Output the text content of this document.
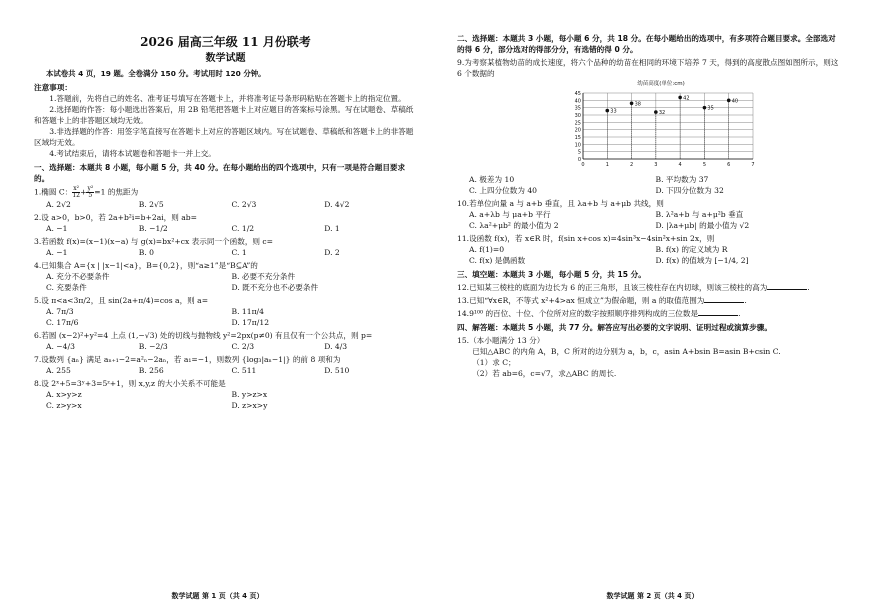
2026 届高三年级 11 月份联考
数学试题
本试卷共 4 页，19 题。全卷满分 150 分。考试用时 120 分钟。
注意事项：
1.答题前，先将自己的姓名、准考证号填写在答题卡上，并将准考证号条形码粘贴在答题卡上的指定位置。
2.选择题的作答：每小题选出答案后，用 2B 铅笔把答题卡上对应题目的答案标号涂黑。写在试题卷、草稿纸和答题卡上的非答题区域均无效。
3.非选择题的作答：用签字笔直接写在答题卡上对应的答题区域内。写在试题卷、草稿纸和答题卡上的非答题区域均无效。
4.考试结束后，请将本试题卷和答题卡一并上交。
一、选择题：本题共 8 小题，每小题 5 分，共 40 分。在每小题给出的四个选项中，只有一项是符合题目要求的。
1.椭圆 C： $\frac{\text{x²}}{12} + \frac{\text{y²}}{5} =1$ 的焦距为
A. 2√2	B. 2√5	C. 2√3	D. 4√2
2.设 a>0，b>0，若 2a+b²i=b+2ai，则 ab=
A. −1	B. −1/2	C. 1/2	D. 1
3.若函数 f(x)=(x−1)(x−a) 与 g(x)=bx²+cx 表示同一个函数，则 c=
A. −1	B. 0	C. 1	D. 2
4.已知集合 A={x | |x−1|<a}，B={0,2}，则“a≥1”是“B⊆A”的
A. 充分不必要条件	B. 必要不充分条件
C. 充要条件	D. 既不充分也不必要条件
5.设 π<a<3π/2，且 sin(2a+π/4)=cos a，则 a=
A. 7π/3	B. 11π/4
C. 17π/6	D. 17π/12
6.若圆 (x−2)²+y²=4 上点 (1,−√3) 处的切线与抛物线 y²=2px(p≠0) 有且仅有一个公共点，则 p=
A. −4/3	B. −2/3	C. 2/3	D. 4/3
7.设数列 {aₙ} 满足 aₙ₊₁−2=a²ₙ−2aₙ，若 a₁=−1，则数列 {log₃|aₙ−1|} 的前 8 项和为
A. 255	B. 256	C. 511	D. 510
8.设 2ˣ+5=3ʸ+3=5ᶻ+1，则 x,y,z 的大小关系不可能是
A. x>y>z	B. y>z>x
C. z>y>x	D. z>x>y
数学试题 第 1 页（共 4 页）
二、选择题：本题共 3 小题，每小题 6 分，共 18 分。在每小题给出的选项中，有多项符合题目要求。全部选对的得 6 分，部分选对的得部分分，有选错的得 0 分。
9.为考察某植物幼苗的成长速度，将六个品种的幼苗在相同的环境下培养 7 天，得到的高度散点图如图所示，则这 6 个数据的
幼苗高度(单位:cm)
0
5
10
15
20
25
30
35
40
45
0	1	2	3	4	5	6	7
33
38
32
42
35
40
A. 极差为 10	B. 平均数为 37
C. 上四分位数为 40	D. 下四分位数为 32
10.若单位向量 a 与 a+b 垂直，且 λa+b 与 a+μb 共线，则
A. a+λb 与 μa+b 平行	B. λ²a+b 与 a+μ²b 垂直
C. λa²+μb² 的最小值为 2	D. |λa+μb| 的最小值为 √2
11.设函数 f(x)，若 x∈R 时，f(sin x+cos x)=4sin³x−4sin²x+sin 2x，则
A. f(1)=0	B. f(x) 的定义域为 R
C. f(x) 是偶函数	D. f(x) 的值域为 [−1/4, 2]
三、填空题：本题共 3 小题，每小题 5 分，共 15 分。
12.已知某三棱柱的底面为边长为 6 的正三角形，且该三棱柱存在内切球，则该三棱柱的高为	.
13.已知“∀x∈R，不等式 x²+4>ax 恒成立”为假命题，则 a 的取值范围为	.
14.9¹⁰⁰ 的百位、十位、个位所对应的数字按照顺序排列构成的三位数是	.
四、解答题：本题共 5 小题，共 77 分。解答应写出必要的文字说明、证明过程或演算步骤。
15.（本小题满分 13 分）
已知△ABC 的内角 A，B，C 所对的边分别为 a，b，c，asin A+bsin B=asin B+csin C.
（1）求 C；
（2）若 ab=6，c=√7，求△ABC 的周长.
数学试题 第 2 页（共 4 页）
